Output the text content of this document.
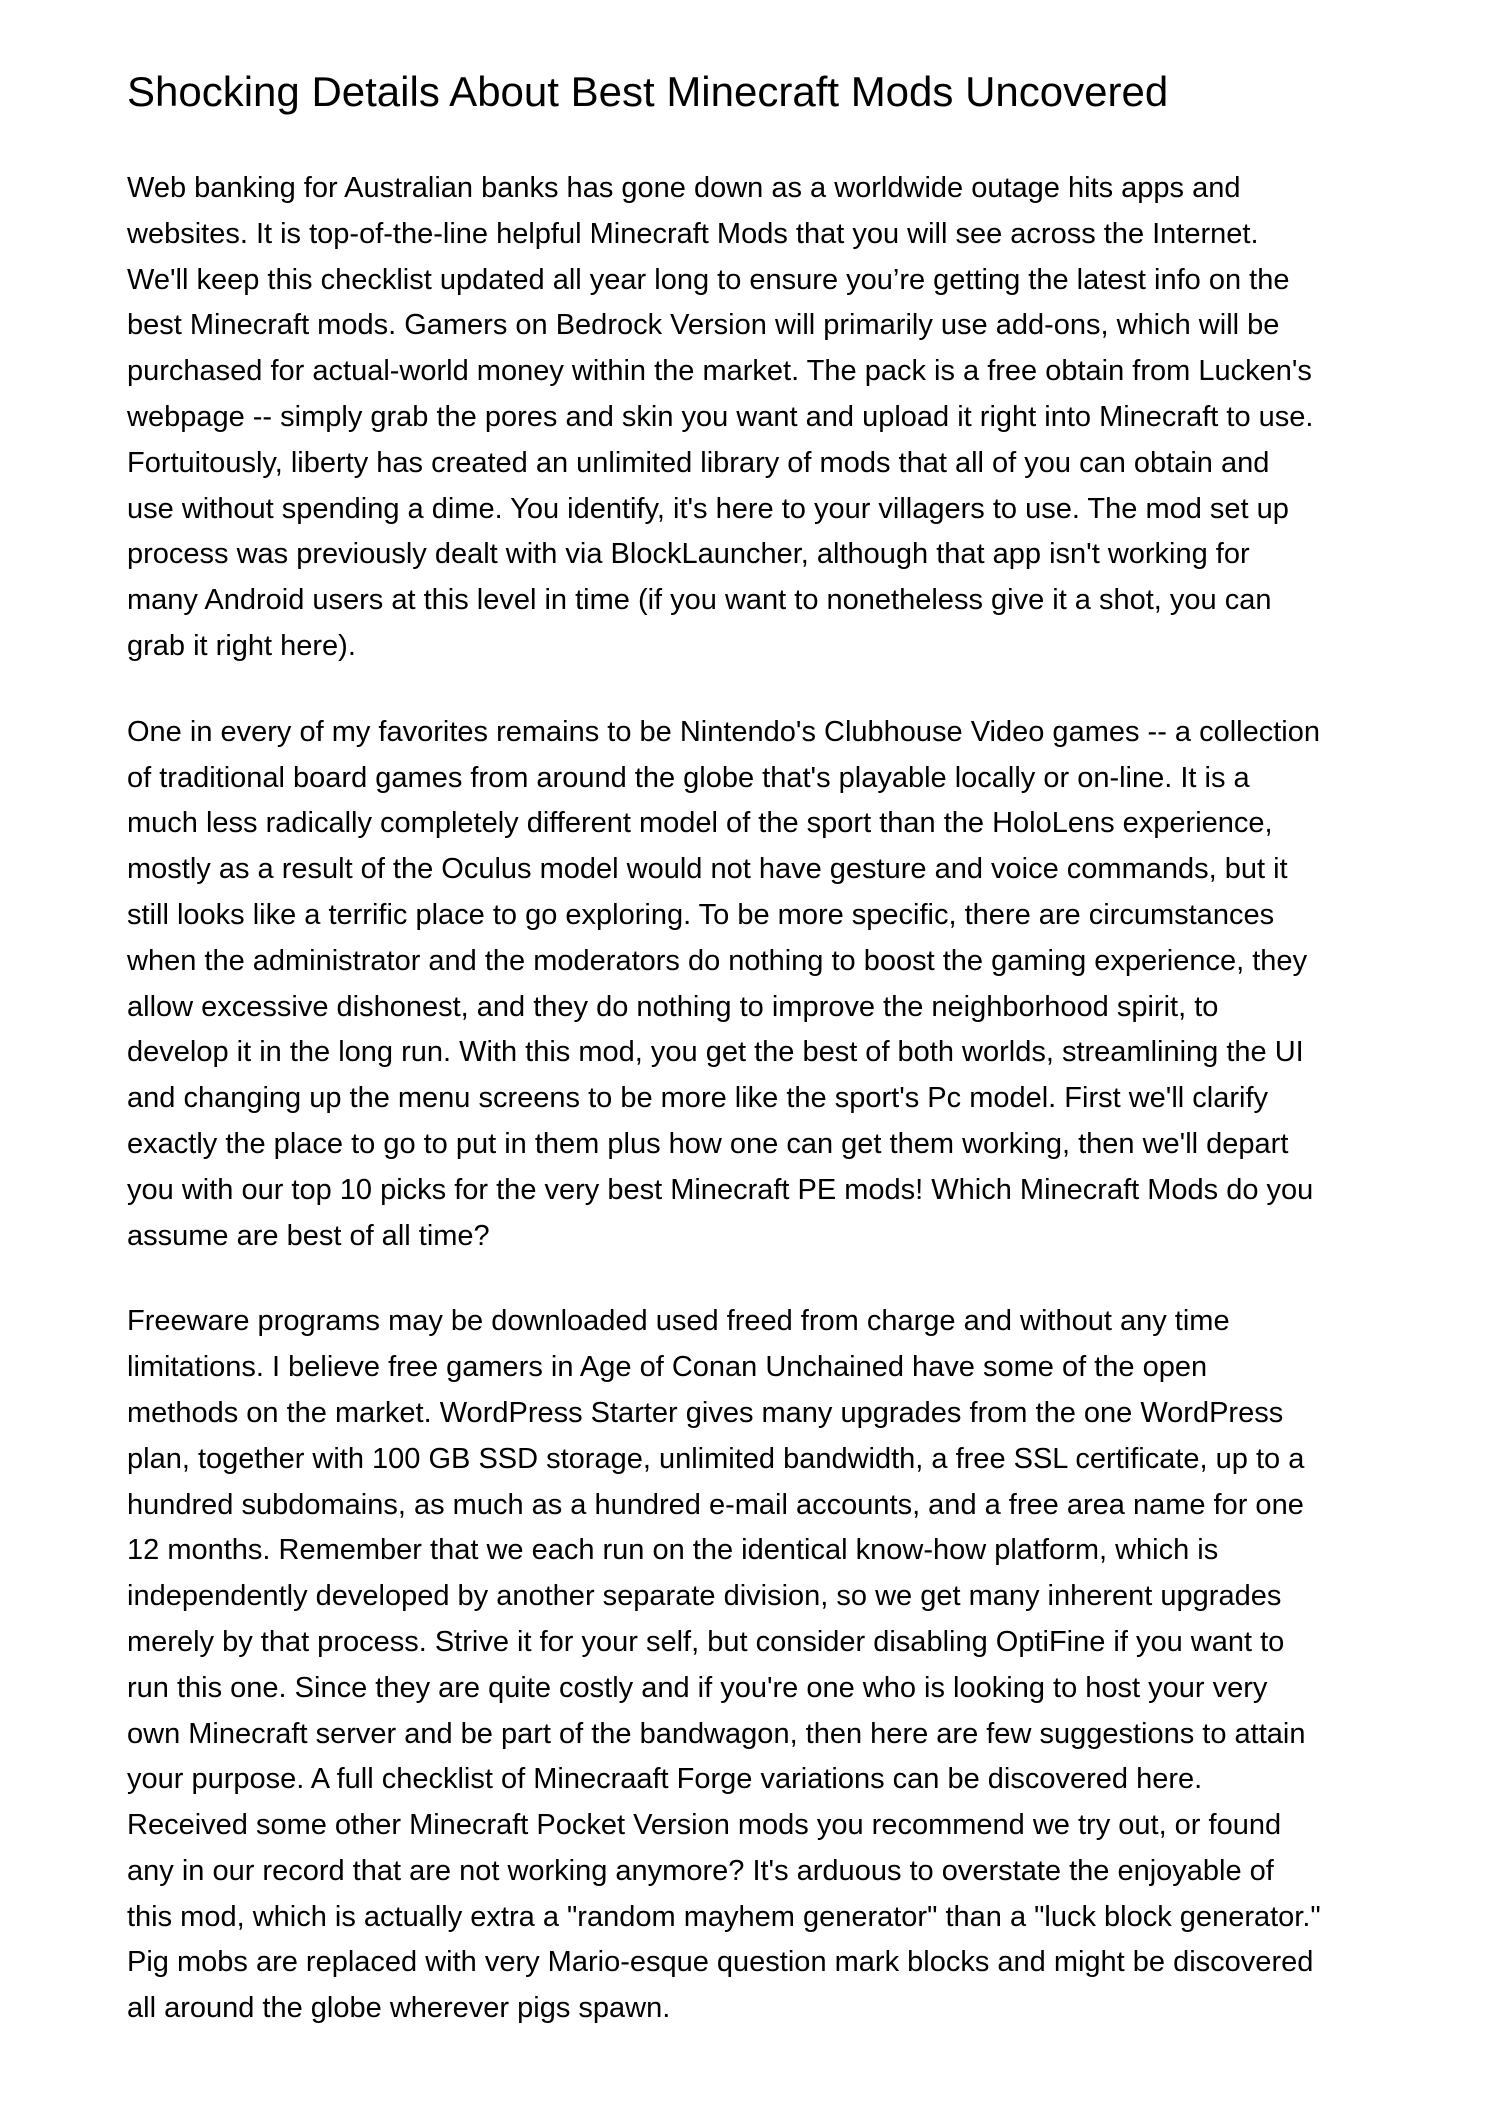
Shocking Details About Best Minecraft Mods Uncovered

Web banking for Australian banks has gone down as a worldwide outage hits apps and
websites. It is top-of-the-line helpful Minecraft Mods that you will see across the Internet.
We'll keep this checklist updated all year long to ensure you’re getting the latest info on the
best Minecraft mods. Gamers on Bedrock Version will primarily use add-ons, which will be
purchased for actual-world money within the market. The pack is a free obtain from Lucken's
webpage -- simply grab the pores and skin you want and upload it right into Minecraft to use.
Fortuitously, liberty has created an unlimited library of mods that all of you can obtain and
use without spending a dime. You identify, it's here to your villagers to use. The mod set up
process was previously dealt with via BlockLauncher, although that app isn't working for
many Android users at this level in time (if you want to nonetheless give it a shot, you can
grab it right here).

One in every of my favorites remains to be Nintendo's Clubhouse Video games -- a collection
of traditional board games from around the globe that's playable locally or on-line. It is a
much less radically completely different model of the sport than the HoloLens experience,
mostly as a result of the Oculus model would not have gesture and voice commands, but it
still looks like a terrific place to go exploring. To be more specific, there are circumstances
when the administrator and the moderators do nothing to boost the gaming experience, they
allow excessive dishonest, and they do nothing to improve the neighborhood spirit, to
develop it in the long run. With this mod, you get the best of both worlds, streamlining the UI
and changing up the menu screens to be more like the sport's Pc model. First we'll clarify
exactly the place to go to put in them plus how one can get them working, then we'll depart
you with our top 10 picks for the very best Minecraft PE mods! Which Minecraft Mods do you
assume are best of all time?

Freeware programs may be downloaded used freed from charge and without any time
limitations. I believe free gamers in Age of Conan Unchained have some of the open
methods on the market. WordPress Starter gives many upgrades from the one WordPress
plan, together with 100 GB SSD storage, unlimited bandwidth, a free SSL certificate, up to a
hundred subdomains, as much as a hundred e-mail accounts, and a free area name for one
12 months. Remember that we each run on the identical know-how platform, which is
independently developed by another separate division, so we get many inherent upgrades
merely by that process. Strive it for your self, but consider disabling OptiFine if you want to
run this one. Since they are quite costly and if you're one who is looking to host your very
own Minecraft server and be part of the bandwagon, then here are few suggestions to attain
your purpose. A full checklist of Minecraaft Forge variations can be discovered here.
Received some other Minecraft Pocket Version mods you recommend we try out, or found
any in our record that are not working anymore? It's arduous to overstate the enjoyable of
this mod, which is actually extra a "random mayhem generator" than a "luck block generator."
Pig mobs are replaced with very Mario-esque question mark blocks and might be discovered
all around the globe wherever pigs spawn.
